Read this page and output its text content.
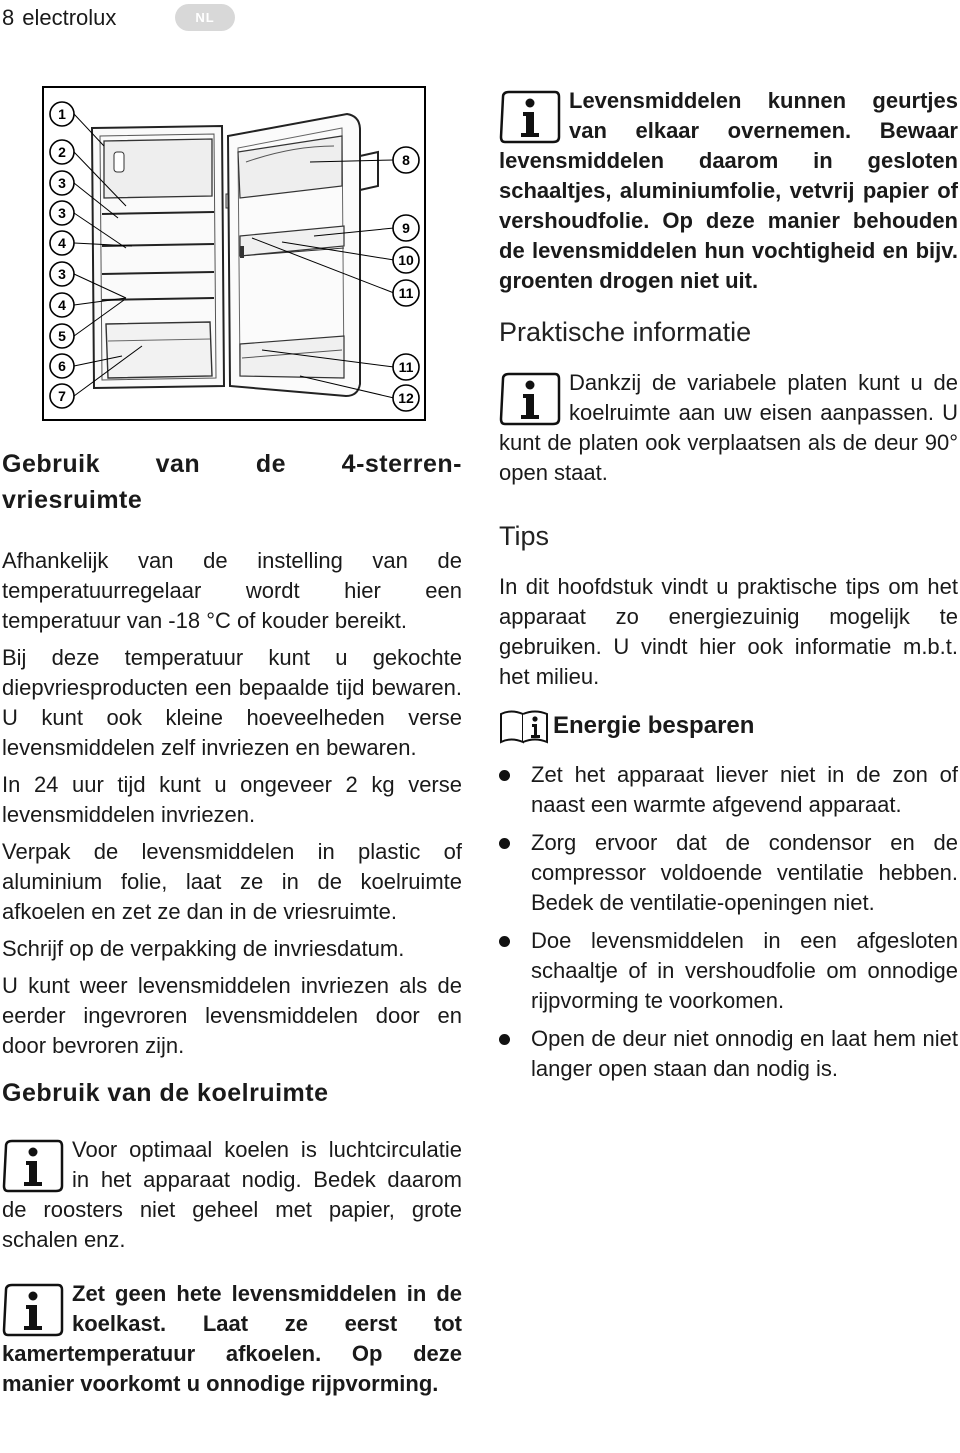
8 electrolux	NL
1
2
3
3
4
3
4
5
6
7
8
9
10
11
11
12
Gebruik van de 4-sterren-
vriesruimte

Afhankelijk van de instelling van de temperatuurregelaar wordt hier een temperatuur van -18 °C of kouder bereikt.

Bij deze temperatuur kunt u gekochte diepvriesproducten een bepaalde tijd bewaren. U kunt ook kleine hoeveelheden verse levensmiddelen zelf invriezen en bewaren.

In 24 uur tijd kunt u ongeveer 2 kg verse levensmiddelen invriezen.

Verpak de levensmiddelen in plastic of aluminium folie, laat ze in de koelruimte afkoelen en zet ze dan in de vriesruimte.

Schrijf op de verpakking de invriesdatum.

U kunt weer levensmiddelen invriezen als de eerder ingevroren levensmiddelen door en door bevroren zijn.

Gebruik van de koelruimte

Voor optimaal koelen is luchtcirculatie in het apparaat nodig. Bedek daarom de roosters niet geheel met papier, grote schalen enz.

Zet geen hete levensmiddelen in de koelkast. Laat ze eerst tot kamertemperatuur afkoelen. Op deze manier voorkomt u onnodige rijpvorming.

Levensmiddelen kunnen geurtjes van elkaar overnemen. Bewaar levensmiddelen daarom in gesloten schaaltjes, aluminiumfolie, vetvrij papier of vershoudfolie. Op deze manier behouden de levensmiddelen hun vochtigheid en bijv. groenten drogen niet uit.

Praktische informatie

Dankzij de variabele platen kunt u de koelruimte aan uw eisen aanpassen. U kunt de platen ook verplaatsen als de deur 90° open staat.

Tips

In dit hoofdstuk vindt u praktische tips om het apparaat zo energiezuinig mogelijk te gebruiken. U vindt hier ook informatie m.b.t. het milieu.

Energie besparen
Zet het apparaat liever niet in de zon of naast een warmte afgevend apparaat.
Zorg ervoor dat de condensor en de compressor voldoende ventilatie hebben. Bedek de ventilatie-openingen niet.
Doe levensmiddelen in een afgesloten schaaltje of in vershoudfolie om onnodige rijpvorming te voorkomen.
Open de deur niet onnodig en laat hem niet langer open staan dan nodig is.
